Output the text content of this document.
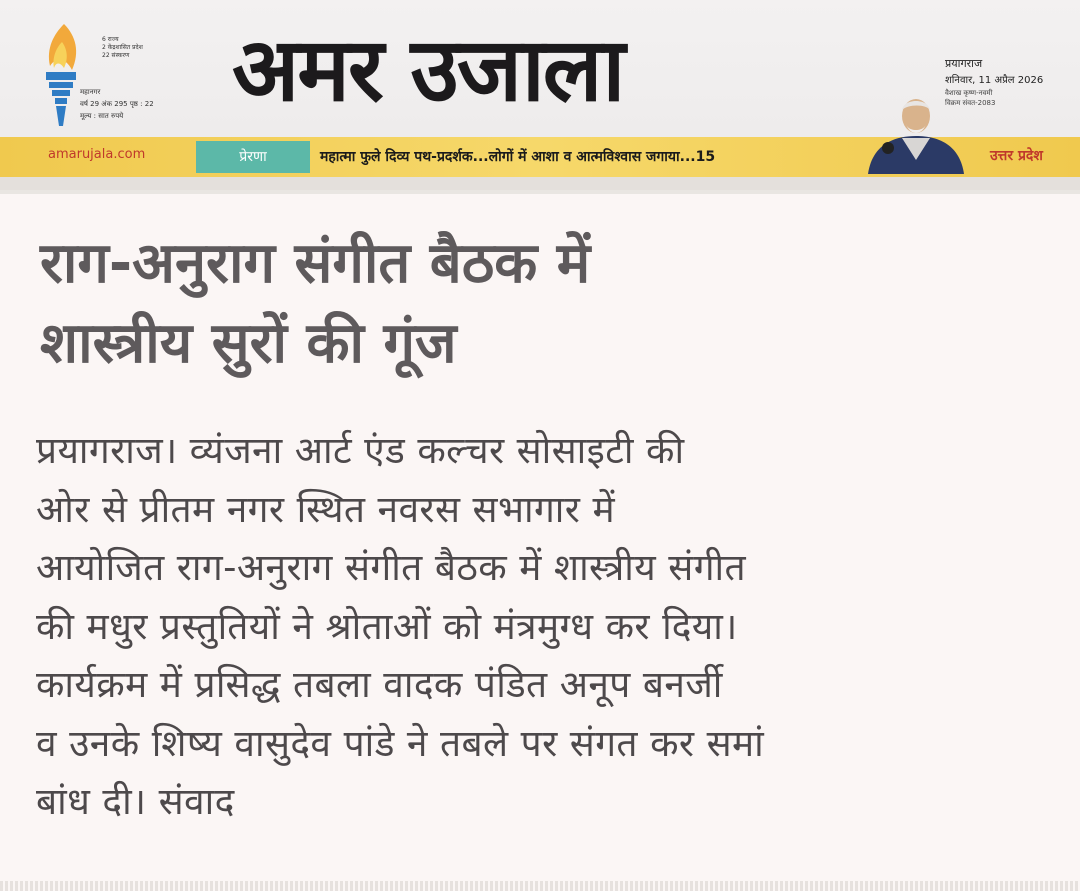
6 राज्य
2 केंद्रशासित प्रदेश
22 संस्करण
महानगर
वर्ष 29 अंक 295 पृष्ठ : 22
मूल्य : सात रुपये	अमर उजाला	प्रयागराज
शनिवार, 11 अप्रैल 2026
वैशाख कृष्ण-नवमी
विक्रम संवत-2083
amarujala.com	प्रेरणा	महात्मा फुले दिव्य पथ-प्रदर्शक...लोगों में आशा व आत्मविश्वास जगाया...15	उत्तर प्रदेश
राग-अनुराग संगीत बैठक में
शास्त्रीय सुरों की गूंज
प्रयागराज। व्यंजना आर्ट एंड कल्चर सोसाइटी की
ओर से प्रीतम नगर स्थित नवरस सभागार में
आयोजित राग-अनुराग संगीत बैठक में शास्त्रीय संगीत
की मधुर प्रस्तुतियों ने श्रोताओं को मंत्रमुग्ध कर दिया।
कार्यक्रम में प्रसिद्ध तबला वादक पंडित अनूप बनर्जी
व उनके शिष्य वासुदेव पांडे ने तबले पर संगत कर समां
बांध दी। संवाद
